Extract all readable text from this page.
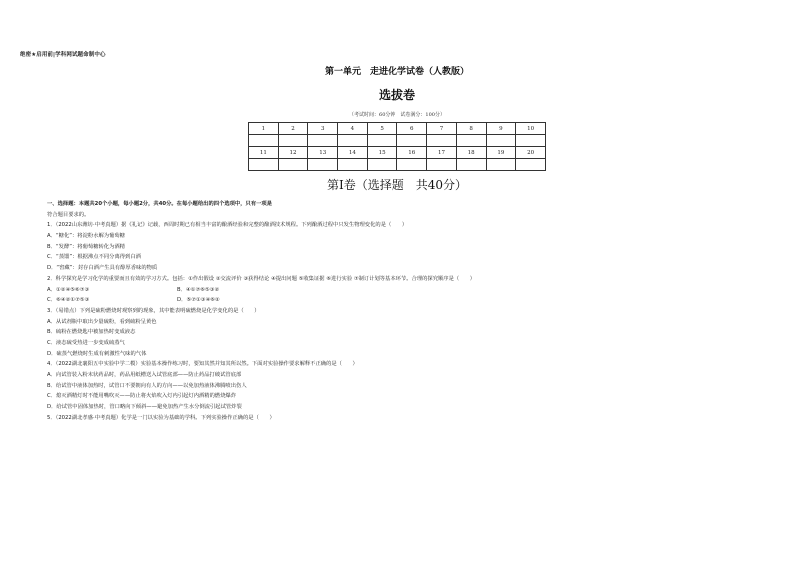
绝密★启用前|学科网试题命制中心
第一单元　走进化学试卷（人教版）
选拔卷
（考试时间：60分钟　试卷满分：100分）
1	2	3	4	5	6	7	8	9	10

11	12	13	14	15	16	17	18	19	20

第Ⅰ卷（选择题　共40分）
一、选择题：本题共20个小题，每小题2分，共40分。在每小题给出的四个选项中，只有一项是
符合题目要求的。
1．（2022山东潍坊·中考真题）据《礼记》记载，西周时期已有相当丰富的酿酒经验和完整的酿酒技术规程。下列酿酒过程中只发生物理变化的是（　　）
A．“糖化”：将淀粉水解为葡萄糖
B．“发酵”：将葡萄糖转化为酒精
C．“蒸馏”：根据沸点不同分离得到白酒
D．“窖藏”：封存白酒产生具有醇厚香味的物质
2．科学探究是学习化学的重要而且有效的学习方式。包括：①作出假设 ②交流评价 ③获得结论 ④提出问题 ⑤收集证据 ⑥进行实验 ⑦制订计划等基本环节。合理的探究顺序是（　　）
A．①②④⑤⑥⑦③	B．④①⑦⑥⑤③②
C．⑥④②①⑦⑤③	D．⑤⑦①③④⑥②
3．（易错点）下列是硫粉燃烧时观察到的现象，其中能表明硫燃烧是化学变化的是（　　）
A．从试剂瓶中取出少量硫粉，看到硫粉呈黄色
B．硫粉在燃烧匙中被加热时变成液态
C．液态硫受热进一步变成硫蒸气
D．硫蒸气燃烧时生成有刺激性气味的气体
4．（2022湖北襄阳五中实验中学二模）实验基本操作练习时，要知其然并知其所以然。下面对实验操作要求解释不正确的是（　　）
A．向试管装入粉末状药品时，药品用纸槽送入试管底部——防止药品打破试管底部
B．给试管中液体加热时，试管口不要朝向有人的方向——以免加热液体沸腾喷出伤人
C．熄灭酒精灯时不能用嘴吹灭——防止将火焰吹入灯内引起灯内酒精的燃烧爆炸
D．给试管中固体加热时，管口略向下倾斜——避免加热产生水分倒流引起试管炸裂
5．（2022湖北孝感·中考真题）化学是一门以实验为基础的学科。下列实验操作正确的是（　　）
